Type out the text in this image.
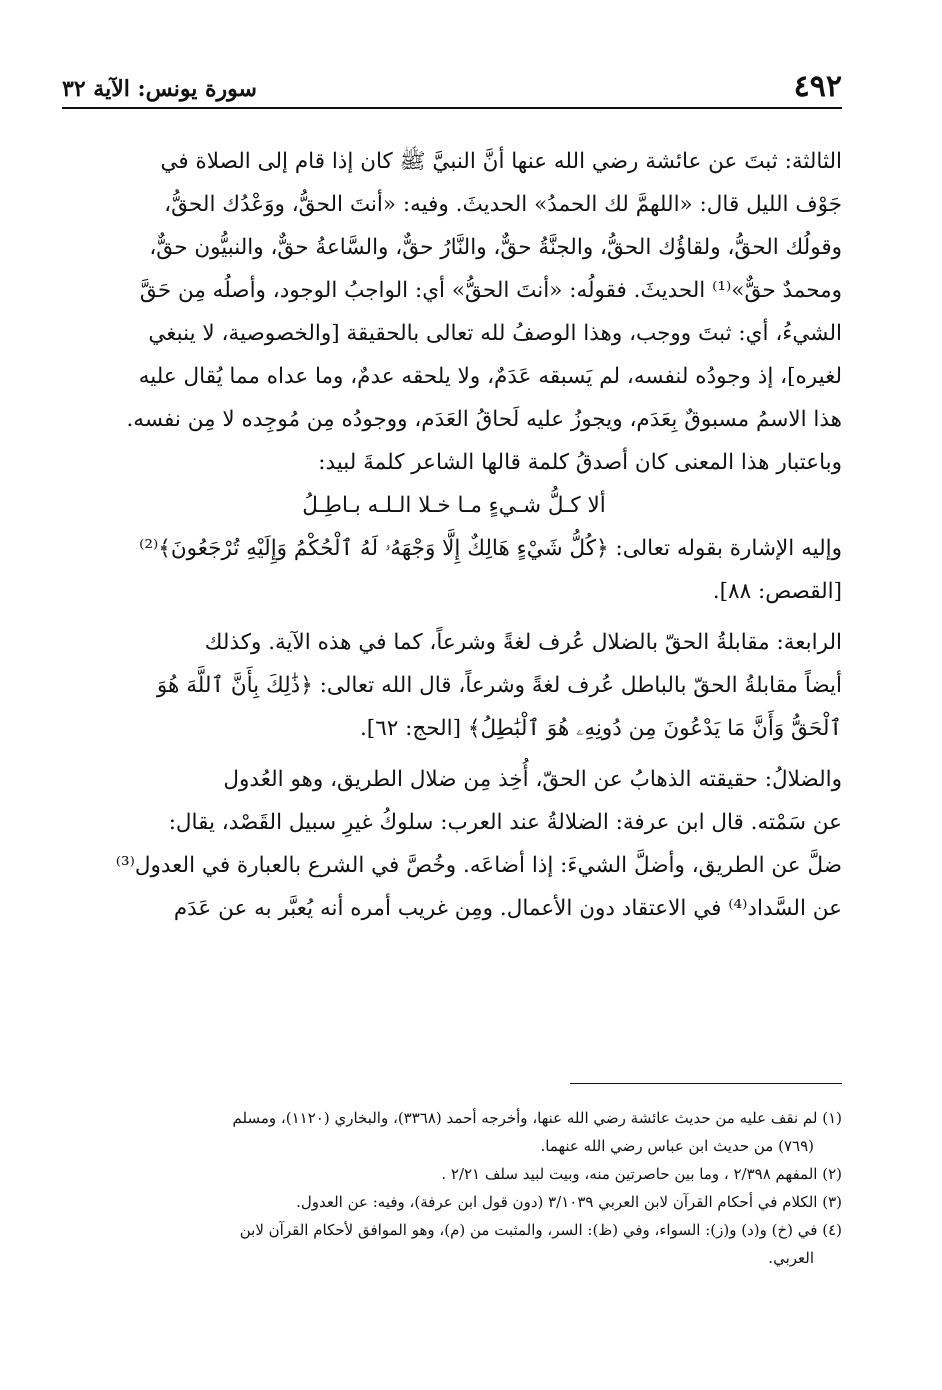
٤٩٢
سورة يونس: الآية ٣٢

الثالثة: ثبتَ عن عائشة رضي الله عنها أنَّ النبيَّ ﷺ كان إذا قام إلى الصلاة في

جَوْف الليل قال: «اللهمَّ لك الحمدُ» الحديثَ. وفيه: «أنتَ الحقُّ، ووَعْدُك الحقُّ،

وقولُك الحقُّ، ولقاؤُك الحقُّ، والجنَّةُ حقٌّ، والنَّارُ حقٌّ، والسَّاعةُ حقٌّ، والنبيُّون حقٌّ،

ومحمدٌ حقٌّ»⁽¹⁾ الحديثَ. فقولُه: «أنتَ الحقُّ» أي: الواجبُ الوجود، وأصلُه مِن حَقَّ

الشيءُ، أي: ثبتَ ووجب، وهذا الوصفُ لله تعالى بالحقيقة [والخصوصية، لا ينبغي

لغيره]، إذ وجودُه لنفسه، لم يَسبقه عَدَمٌ، ولا يلحقه عدمٌ، وما عداه مما يُقال عليه

هذا الاسمُ مسبوقٌ بِعَدَم، ويجوزُ عليه لَحاقُ العَدَم، ووجودُه مِن مُوجِده لا مِن نفسه.

وباعتبار هذا المعنى كان أصدقُ كلمة قالها الشاعر كلمةَ لبيد:

ألا كـلُّ شـيءٍ مـا خـلا الـلـه بـاطِـلُ

وإليه الإشارة بقوله تعالى: ﴿كُلُّ شَيْءٍ هَالِكٌ إِلَّا وَجْهَهُۥ لَهُ ٱلْحُكْمُ وَإِلَيْهِ تُرْجَعُونَ﴾⁽²⁾

[القصص: ٨٨].

الرابعة: مقابلةُ الحقّ بالضلال عُرف لغةً وشرعاً، كما في هذه الآية. وكذلك

أيضاً مقابلةُ الحقّ بالباطل عُرف لغةً وشرعاً، قال الله تعالى: ﴿ذَٰلِكَ بِأَنَّ ٱللَّهَ هُوَ

ٱلْحَقُّ وَأَنَّ مَا يَدْعُونَ مِن دُونِهِۦ هُوَ ٱلْبَٰطِلُ﴾ [الحج: ٦٢].

والضلالُ: حقيقته الذهابُ عن الحقّ، أُخِذ مِن ضلال الطريق، وهو العُدول

عن سَمْته. قال ابن عرفة: الضلالةُ عند العرب: سلوكُ غيرِ سبيل القَصْد، يقال:

ضلَّ عن الطريق، وأضلَّ الشيءَ: إذا أضاعَه. وخُصَّ في الشرع بالعبارة في العدول⁽³⁾

عن السَّداد⁽⁴⁾ في الاعتقاد دون الأعمال. ومِن غريب أمره أنه يُعبَّر به عن عَدَم

(١) لم نقف عليه من حديث عائشة رضي الله عنها، وأخرجه أحمد (٣٣٦٨)، والبخاري (١١٢٠)، ومسلم

(٧٦٩) من حديث ابن عباس رضي الله عنهما.

(٢) المفهم ٢/٣٩٨ ، وما بين حاصرتين منه، وبيت لبيد سلف ٢/٢١ .

(٣) الكلام في أحكام القرآن لابن العربي ٣/١٠٣٩ (دون قول ابن عرفة)، وفيه: عن العدول.

(٤) في (خ) و(د) و(ز): السواء، وفي (ظ): السر، والمثبت من (م)، وهو الموافق لأحكام القرآن لابن

العربي.
